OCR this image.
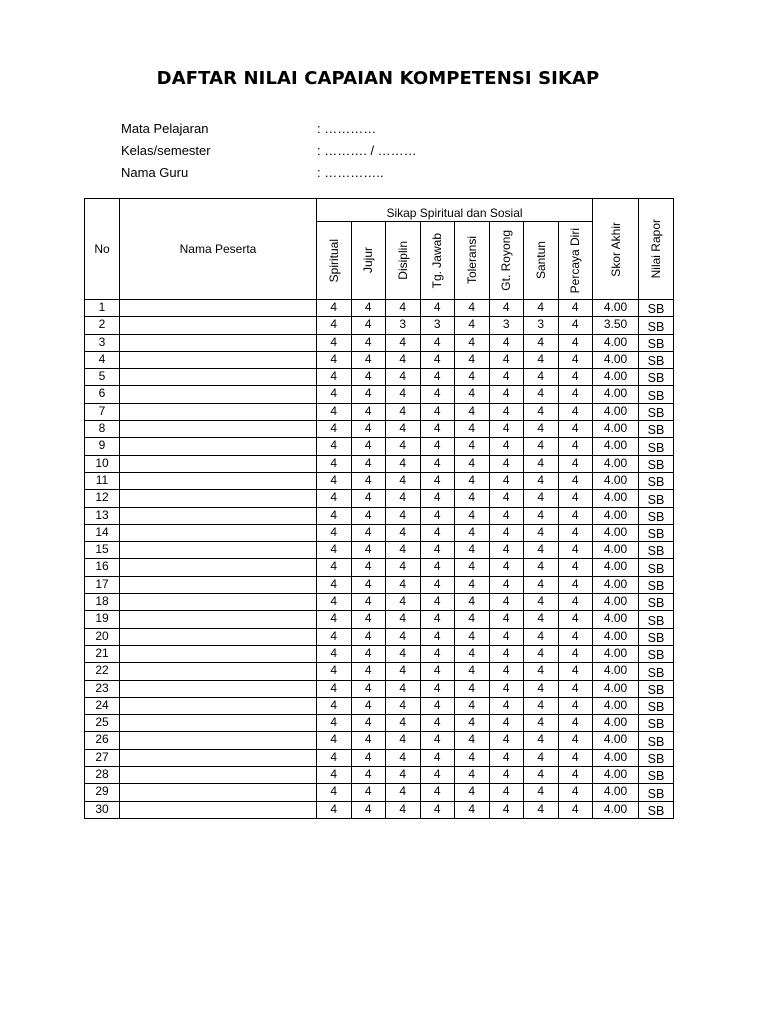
DAFTAR NILAI CAPAIAN KOMPETENSI SIKAP
Mata Pelajaran	: …………
Kelas/semester	: ………. / ………
Nama Guru	: …………..
No	Nama Peserta	Sikap Spiritual dan Sosial								Skor Akhir	Nilai Rapor

		Spiritual	Jujur	Disiplin	Tg. Jawab	Toleransi	Gt. Royong	Santun	Percaya Diri		

1		4	4	4	4	4	4	4	4	4.00	SB
2		4	4	3	3	4	3	3	4	3.50	SB
3		4	4	4	4	4	4	4	4	4.00	SB
4		4	4	4	4	4	4	4	4	4.00	SB
5		4	4	4	4	4	4	4	4	4.00	SB
6		4	4	4	4	4	4	4	4	4.00	SB
7		4	4	4	4	4	4	4	4	4.00	SB
8		4	4	4	4	4	4	4	4	4.00	SB
9		4	4	4	4	4	4	4	4	4.00	SB
10		4	4	4	4	4	4	4	4	4.00	SB
11		4	4	4	4	4	4	4	4	4.00	SB
12		4	4	4	4	4	4	4	4	4.00	SB
13		4	4	4	4	4	4	4	4	4.00	SB
14		4	4	4	4	4	4	4	4	4.00	SB
15		4	4	4	4	4	4	4	4	4.00	SB
16		4	4	4	4	4	4	4	4	4.00	SB
17		4	4	4	4	4	4	4	4	4.00	SB
18		4	4	4	4	4	4	4	4	4.00	SB
19		4	4	4	4	4	4	4	4	4.00	SB
20		4	4	4	4	4	4	4	4	4.00	SB
21		4	4	4	4	4	4	4	4	4.00	SB
22		4	4	4	4	4	4	4	4	4.00	SB
23		4	4	4	4	4	4	4	4	4.00	SB
24		4	4	4	4	4	4	4	4	4.00	SB
25		4	4	4	4	4	4	4	4	4.00	SB
26		4	4	4	4	4	4	4	4	4.00	SB
27		4	4	4	4	4	4	4	4	4.00	SB
28		4	4	4	4	4	4	4	4	4.00	SB
29		4	4	4	4	4	4	4	4	4.00	SB
30		4	4	4	4	4	4	4	4	4.00	SB
